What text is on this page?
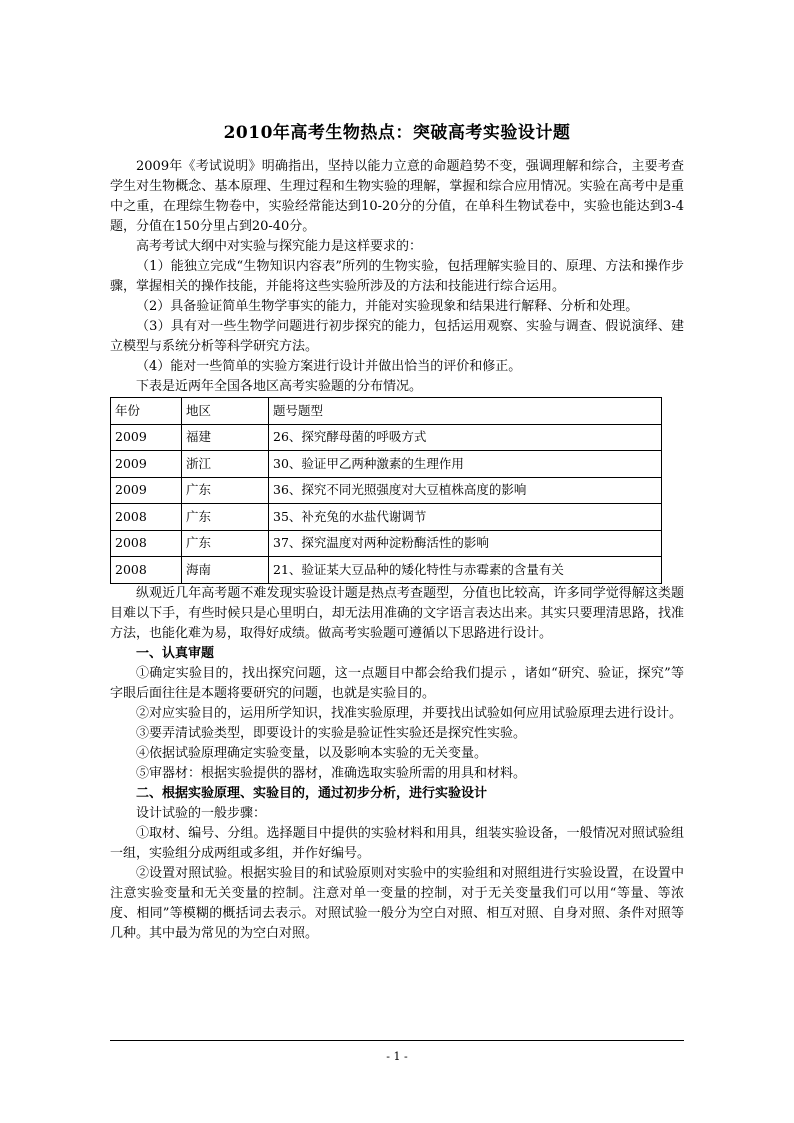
2010年高考生物热点：突破高考实验设计题

2009年《考试说明》明确指出，坚持以能力立意的命题趋势不变，强调理解和综合，主要考查学生对生物概念、基本原理、生理过程和生物实验的理解，掌握和综合应用情况。实验在高考中是重中之重，在理综生物卷中，实验经常能达到10-20分的分值，在单科生物试卷中，实验也能达到3-4题，分值在150分里占到20-40分。

高考考试大纲中对实验与探究能力是这样要求的：

（1）能独立完成“生物知识内容表”所列的生物实验，包括理解实验目的、原理、方法和操作步骤，掌握相关的操作技能，并能将这些实验所涉及的方法和技能进行综合运用。

（2）具备验证简单生物学事实的能力，并能对实验现象和结果进行解释、分析和处理。

（3）具有对一些生物学问题进行初步探究的能力，包括运用观察、实验与调查、假说演绎、建立模型与系统分析等科学研究方法。

（4）能对一些简单的实验方案进行设计并做出恰当的评价和修正。

下表是近两年全国各地区高考实验题的分布情况。

年份	地区	题号题型
2009	福建	26、探究酵母菌的呼吸方式
2009	浙江	30、验证甲乙两种激素的生理作用
2009	广东	36、探究不同光照强度对大豆植株高度的影响
2008	广东	35、补充兔的水盐代谢调节
2008	广东	37、探究温度对两种淀粉酶活性的影响
2008	海南	21、验证某大豆品种的矮化特性与赤霉素的含量有关

纵观近几年高考题不难发现实验设计题是热点考查题型，分值也比较高，许多同学觉得解这类题目难以下手，有些时候只是心里明白，却无法用准确的文字语言表达出来。其实只要理清思路，找准方法，也能化难为易，取得好成绩。做高考实验题可遵循以下思路进行设计。

一、认真审题

①确定实验目的，找出探究问题，这一点题目中都会给我们提示 ，诸如“研究、验证，探究”等字眼后面往往是本题将要研究的问题，也就是实验目的。

②对应实验目的，运用所学知识，找准实验原理，并要找出试验如何应用试验原理去进行设计。

③要弄清试验类型，即要设计的实验是验证性实验还是探究性实验。

④依据试验原理确定实验变量，以及影响本实验的无关变量。

⑤审器材：根据实验提供的器材，准确选取实验所需的用具和材料。

二、根据实验原理、实验目的，通过初步分析，进行实验设计

设计试验的一般步骤：

①取材、编号、分组。选择题目中提供的实验材料和用具，组装实验设备，一般情况对照试验组一组，实验组分成两组或多组，并作好编号。

②设置对照试验。根据实验目的和试验原则对实验中的实验组和对照组进行实验设置，在设置中注意实验变量和无关变量的控制。注意对单一变量的控制，对于无关变量我们可以用“等量、等浓度、相同”等模糊的概括词去表示。对照试验一般分为空白对照、相互对照、自身对照、条件对照等几种。其中最为常见的为空白对照。

- 1 -
